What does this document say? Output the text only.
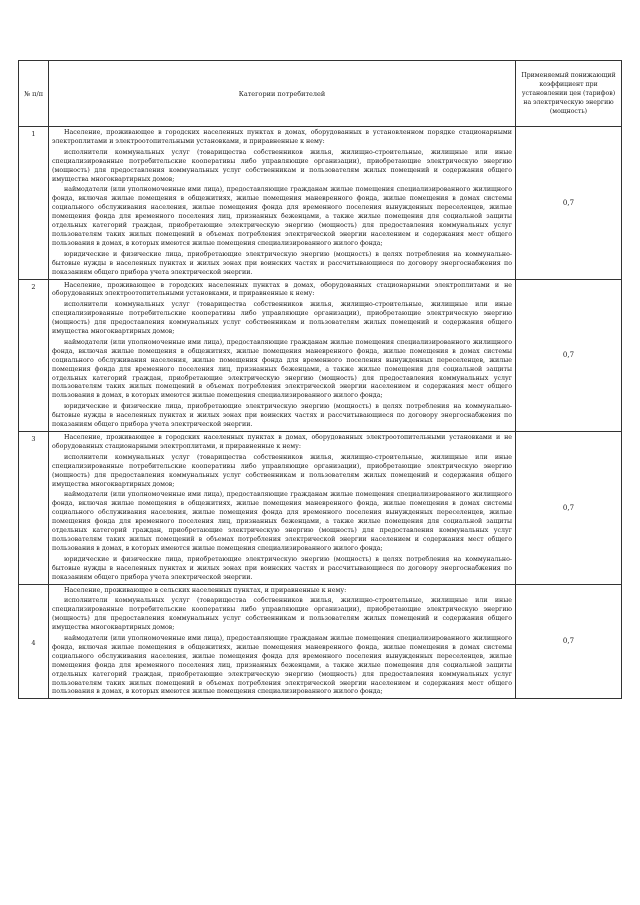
№ п/п	Категории потребителей	Применяемый понижающий коэффициент при установлении цен (тарифов) на электрическую энергию (мощность)
1	Население, проживающее в городских населенных пунктах в домах, оборудованных в установленном порядке стационарными электроплитами и электроотопительными установками, и приравненные к нему:

исполнители коммунальных услуг (товарищества собственников жилья, жилищно-строительные, жилищные или иные специализированные потребительские кооперативы либо управляющие организации), приобретающие электрическую энергию (мощность) для предоставления коммунальных услуг собственникам и пользователям жилых помещений и содержания общего имущества многоквартирных домов;

наймодатели (или уполномоченные ими лица), предоставляющие гражданам жилые помещения специализированного жилищного фонда, включая жилые помещения в общежитиях, жилые помещения маневренного фонда, жилые помещения в домах системы социального обслуживания населения, жилые помещения фонда для временного поселения вынужденных переселенцев, жилые помещения фонда для временного поселения лиц, признанных беженцами, а также жилые помещения для социальной защиты отдельных категорий граждан, приобретающие электрическую энергию (мощность) для предоставления коммунальных услуг пользователям таких жилых помещений в объемах потребления электрической энергии населением и содержания мест общего пользования в домах, в которых имеются жилые помещения специализированного жилого фонда;

юридические и физические лица, приобретающие электрическую энергию (мощность) в целях потребления на коммунально-бытовые нужды в населенных пунктах и жилых зонах при воинских частях и рассчитывающиеся по договору энергоснабжения по показаниям общего прибора учета электрической энергии.	0,7
2	Население, проживающее в городских населенных пунктах в домах, оборудованных стационарными электроплитами и не оборудованных электроотопительными установками, и приравненные к нему:

исполнители коммунальных услуг (товарищества собственников жилья, жилищно-строительные, жилищные или иные специализированные потребительские кооперативы либо управляющие организации), приобретающие электрическую энергию (мощность) для предоставления коммунальных услуг собственникам и пользователям жилых помещений и содержания общего имущества многоквартирных домов;

наймодатели (или уполномоченные ими лица), предоставляющие гражданам жилые помещения специализированного жилищного фонда, включая жилые помещения в общежитиях, жилые помещения маневренного фонда, жилые помещения в домах системы социального обслуживания населения, жилые помещения фонда для временного поселения вынужденных переселенцев, жилые помещения фонда для временного поселения лиц, признанных беженцами, а также жилые помещения для социальной защиты отдельных категорий граждан, приобретающие электрическую энергию (мощность) для предоставления коммунальных услуг пользователям таких жилых помещений в объемах потребления электрической энергии населением и содержания мест общего пользования в домах, в которых имеются жилые помещения специализированного жилого фонда;

юридические и физические лица, приобретающие электрическую энергию (мощность) в целях потребления на коммунально-бытовые нужды в населенных пунктах и жилых зонах при воинских частях и рассчитывающиеся по договору энергоснабжения по показаниям общего прибора учета электрической энергии.	0,7
3	Население, проживающее в городских населенных пунктах в домах, оборудованных электроотопительными установками и не оборудованных стационарными электроплитами, и приравненные к нему:

исполнители коммунальных услуг (товарищества собственников жилья, жилищно-строительные, жилищные или иные специализированные потребительские кооперативы либо управляющие организации), приобретающие электрическую энергию (мощность) для предоставления коммунальных услуг собственникам и пользователям жилых помещений и содержания общего имущества многоквартирных домов;

наймодатели (или уполномоченные ими лица), предоставляющие гражданам жилые помещения специализированного жилищного фонда, включая жилые помещения в общежитиях, жилые помещения маневренного фонда, жилые помещения в домах системы социального обслуживания населения, жилые помещения фонда для временного поселения вынужденных переселенцев, жилые помещения фонда для временного поселения лиц, признанных беженцами, а также жилые помещения для социальной защиты отдельных категорий граждан, приобретающие электрическую энергию (мощность) для предоставления коммунальных услуг пользователям таких жилых помещений в объемах потребления электрической энергии населением и содержания мест общего пользования в домах, в которых имеются жилые помещения специализированного жилого фонда;

юридические и физические лица, приобретающие электрическую энергию (мощность) в целях потребления на коммунально-бытовые нужды в населенных пунктах и жилых зонах при воинских частях и рассчитывающиеся по договору энергоснабжения по показаниям общего прибора учета электрической энергии.	0,7
4	Население, проживающее в сельских населенных пунктах, и приравненные к нему:

исполнители коммунальных услуг (товарищества собственников жилья, жилищно-строительные, жилищные или иные специализированные потребительские кооперативы либо управляющие организации), приобретающие электрическую энергию (мощность) для предоставления коммунальных услуг собственникам и пользователям жилых помещений и содержания общего имущества многоквартирных домов;

наймодатели (или уполномоченные ими лица), предоставляющие гражданам жилые помещения специализированного жилищного фонда, включая жилые помещения в общежитиях, жилые помещения маневренного фонда, жилые помещения в домах системы социального обслуживания населения, жилые помещения фонда для временного поселения вынужденных переселенцев, жилые помещения фонда для временного поселения лиц, признанных беженцами, а также жилые помещения для социальной защиты отдельных категорий граждан, приобретающие электрическую энергию (мощность) для предоставления коммунальных услуг пользователям таких жилых помещений в объемах потребления электрической энергии населением и содержания мест общего пользования в домах, в которых имеются жилые помещения специализированного жилого фонда;	0,7
